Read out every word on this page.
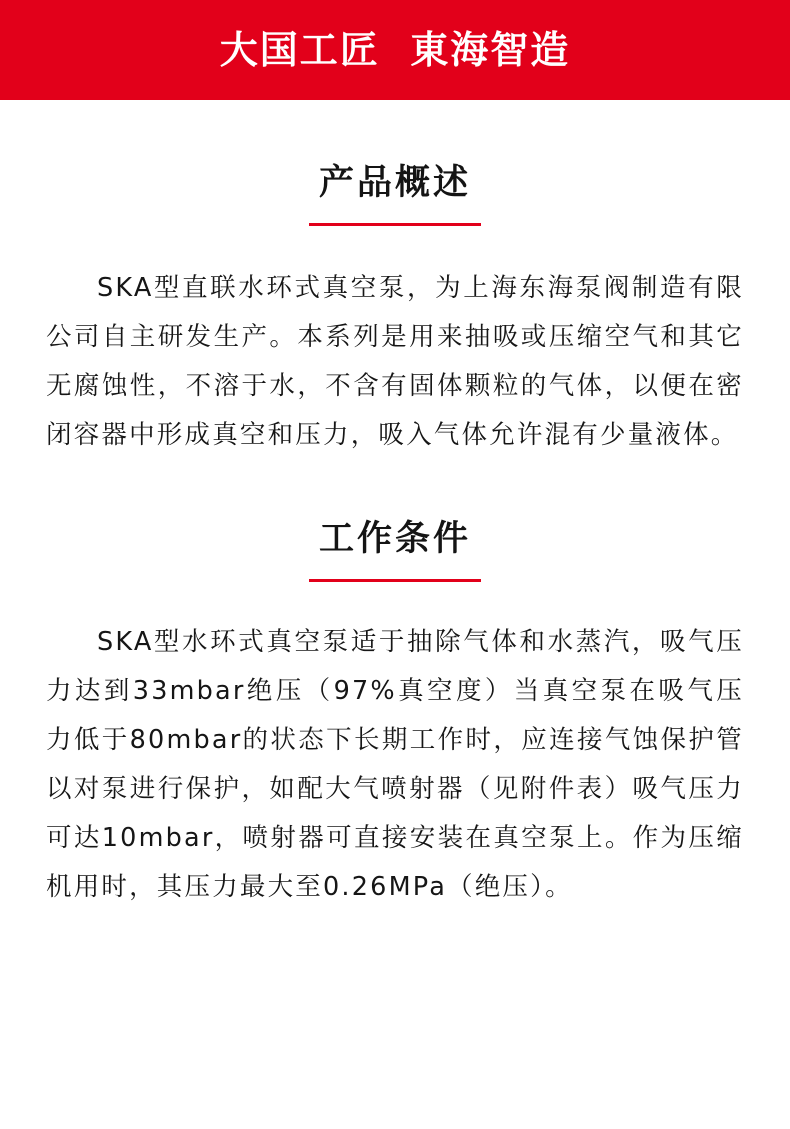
大国工匠  東海智造
产品概述

SKA型直联水环式真空泵，为上海东海泵阀制造有限公司自主研发生产。本系列是用来抽吸或压缩空气和其它无腐蚀性，不溶于水，不含有固体颗粒的气体，以便在密闭容器中形成真空和压力，吸入气体允许混有少量液体。

工作条件

SKA型水环式真空泵适于抽除气体和水蒸汽，吸气压力达到33mbar绝压（97%真空度）当真空泵在吸气压力低于80mbar的状态下长期工作时，应连接气蚀保护管以对泵进行保护，如配大气喷射器（见附件表）吸气压力可达10mbar，喷射器可直接安装在真空泵上。作为压缩机用时，其压力最大至0.26MPa（绝压）。
